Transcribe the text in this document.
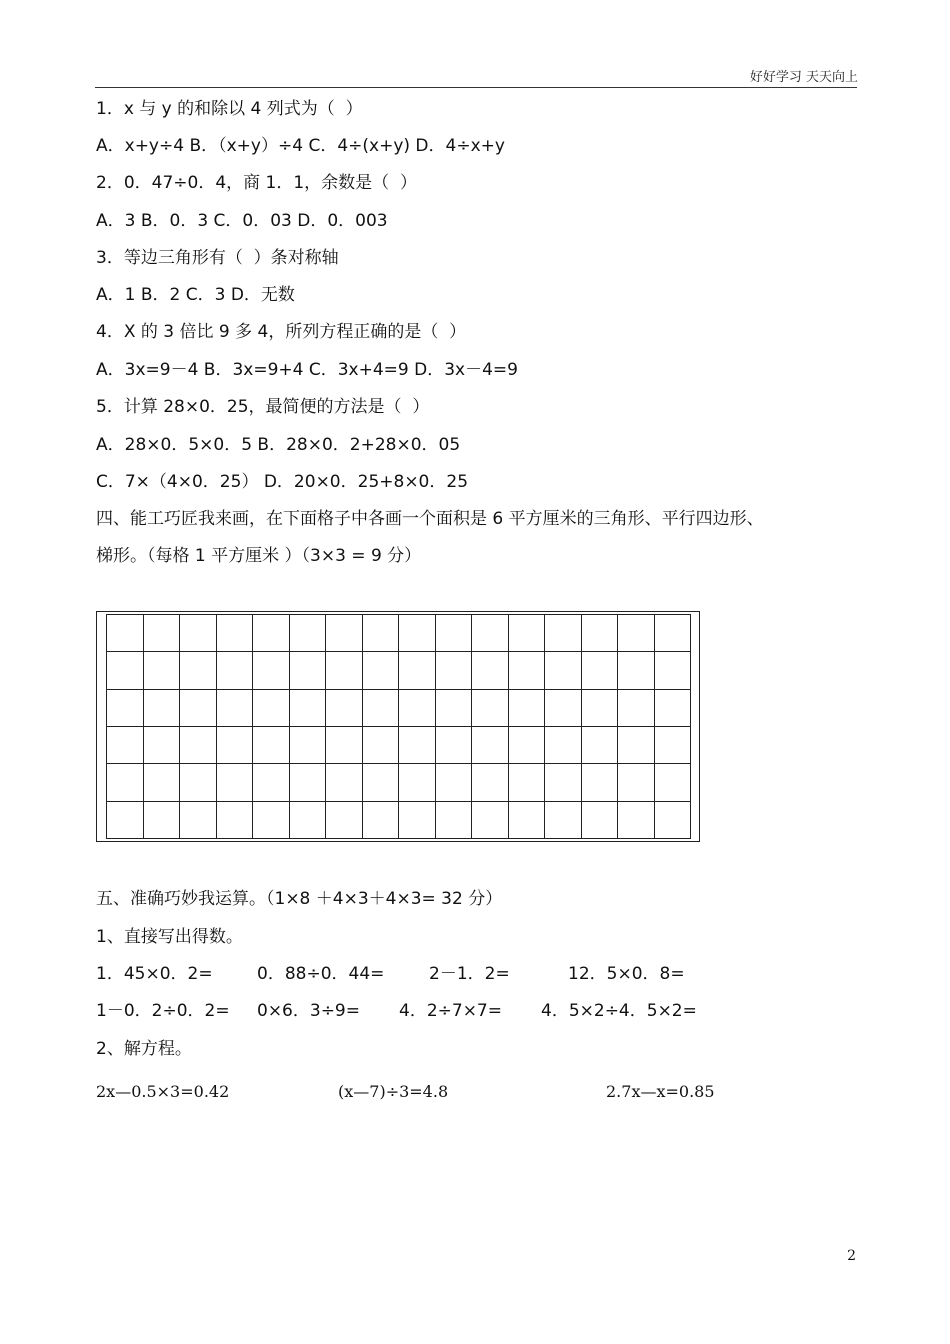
好好学习 天天向上
1．x 与 y 的和除以 4 列式为（  ）
A．x+y÷4 B．（x+y）÷4 C．4÷(x+y) D．4÷x+y
2．0．47÷0．4，商 1．1，余数是（  ）
A．3 B．0．3 C．0．03 D．0．003
3．等边三角形有（  ）条对称轴
A．1 B．2 C．3 D．无数
4．X 的 3 倍比 9 多 4，所列方程正确的是（  ）
A．3x=9－4 B．3x=9+4 C．3x+4=9 D．3x－4=9
5．计算 28×0．25，最简便的方法是（  ）
A．28×0．5×0．5 B．28×0．2+28×0．05
C．7×（4×0．25） D．20×0．25+8×0．25
四、能工巧匠我来画，在下面格子中各画一个面积是 6 平方厘米的三角形、平行四边形、
梯形。（每格 1 平方厘米 ）（3×3 = 9 分）
五、准确巧妙我运算。（1×8 ＋4×3＋4×3= 32 分）
1、直接写出得数。
1．45×0．2=	0．88÷0．44=	2－1．2=	12．5×0．8=
1－0．2÷0．2= 0×6．3÷9= 4．2÷7×7= 4．5×2÷4．5×2=
2、解方程。
2x—0.5×3=0.42	(x—7)÷3=4.8	2.7x—x=0.85
2
